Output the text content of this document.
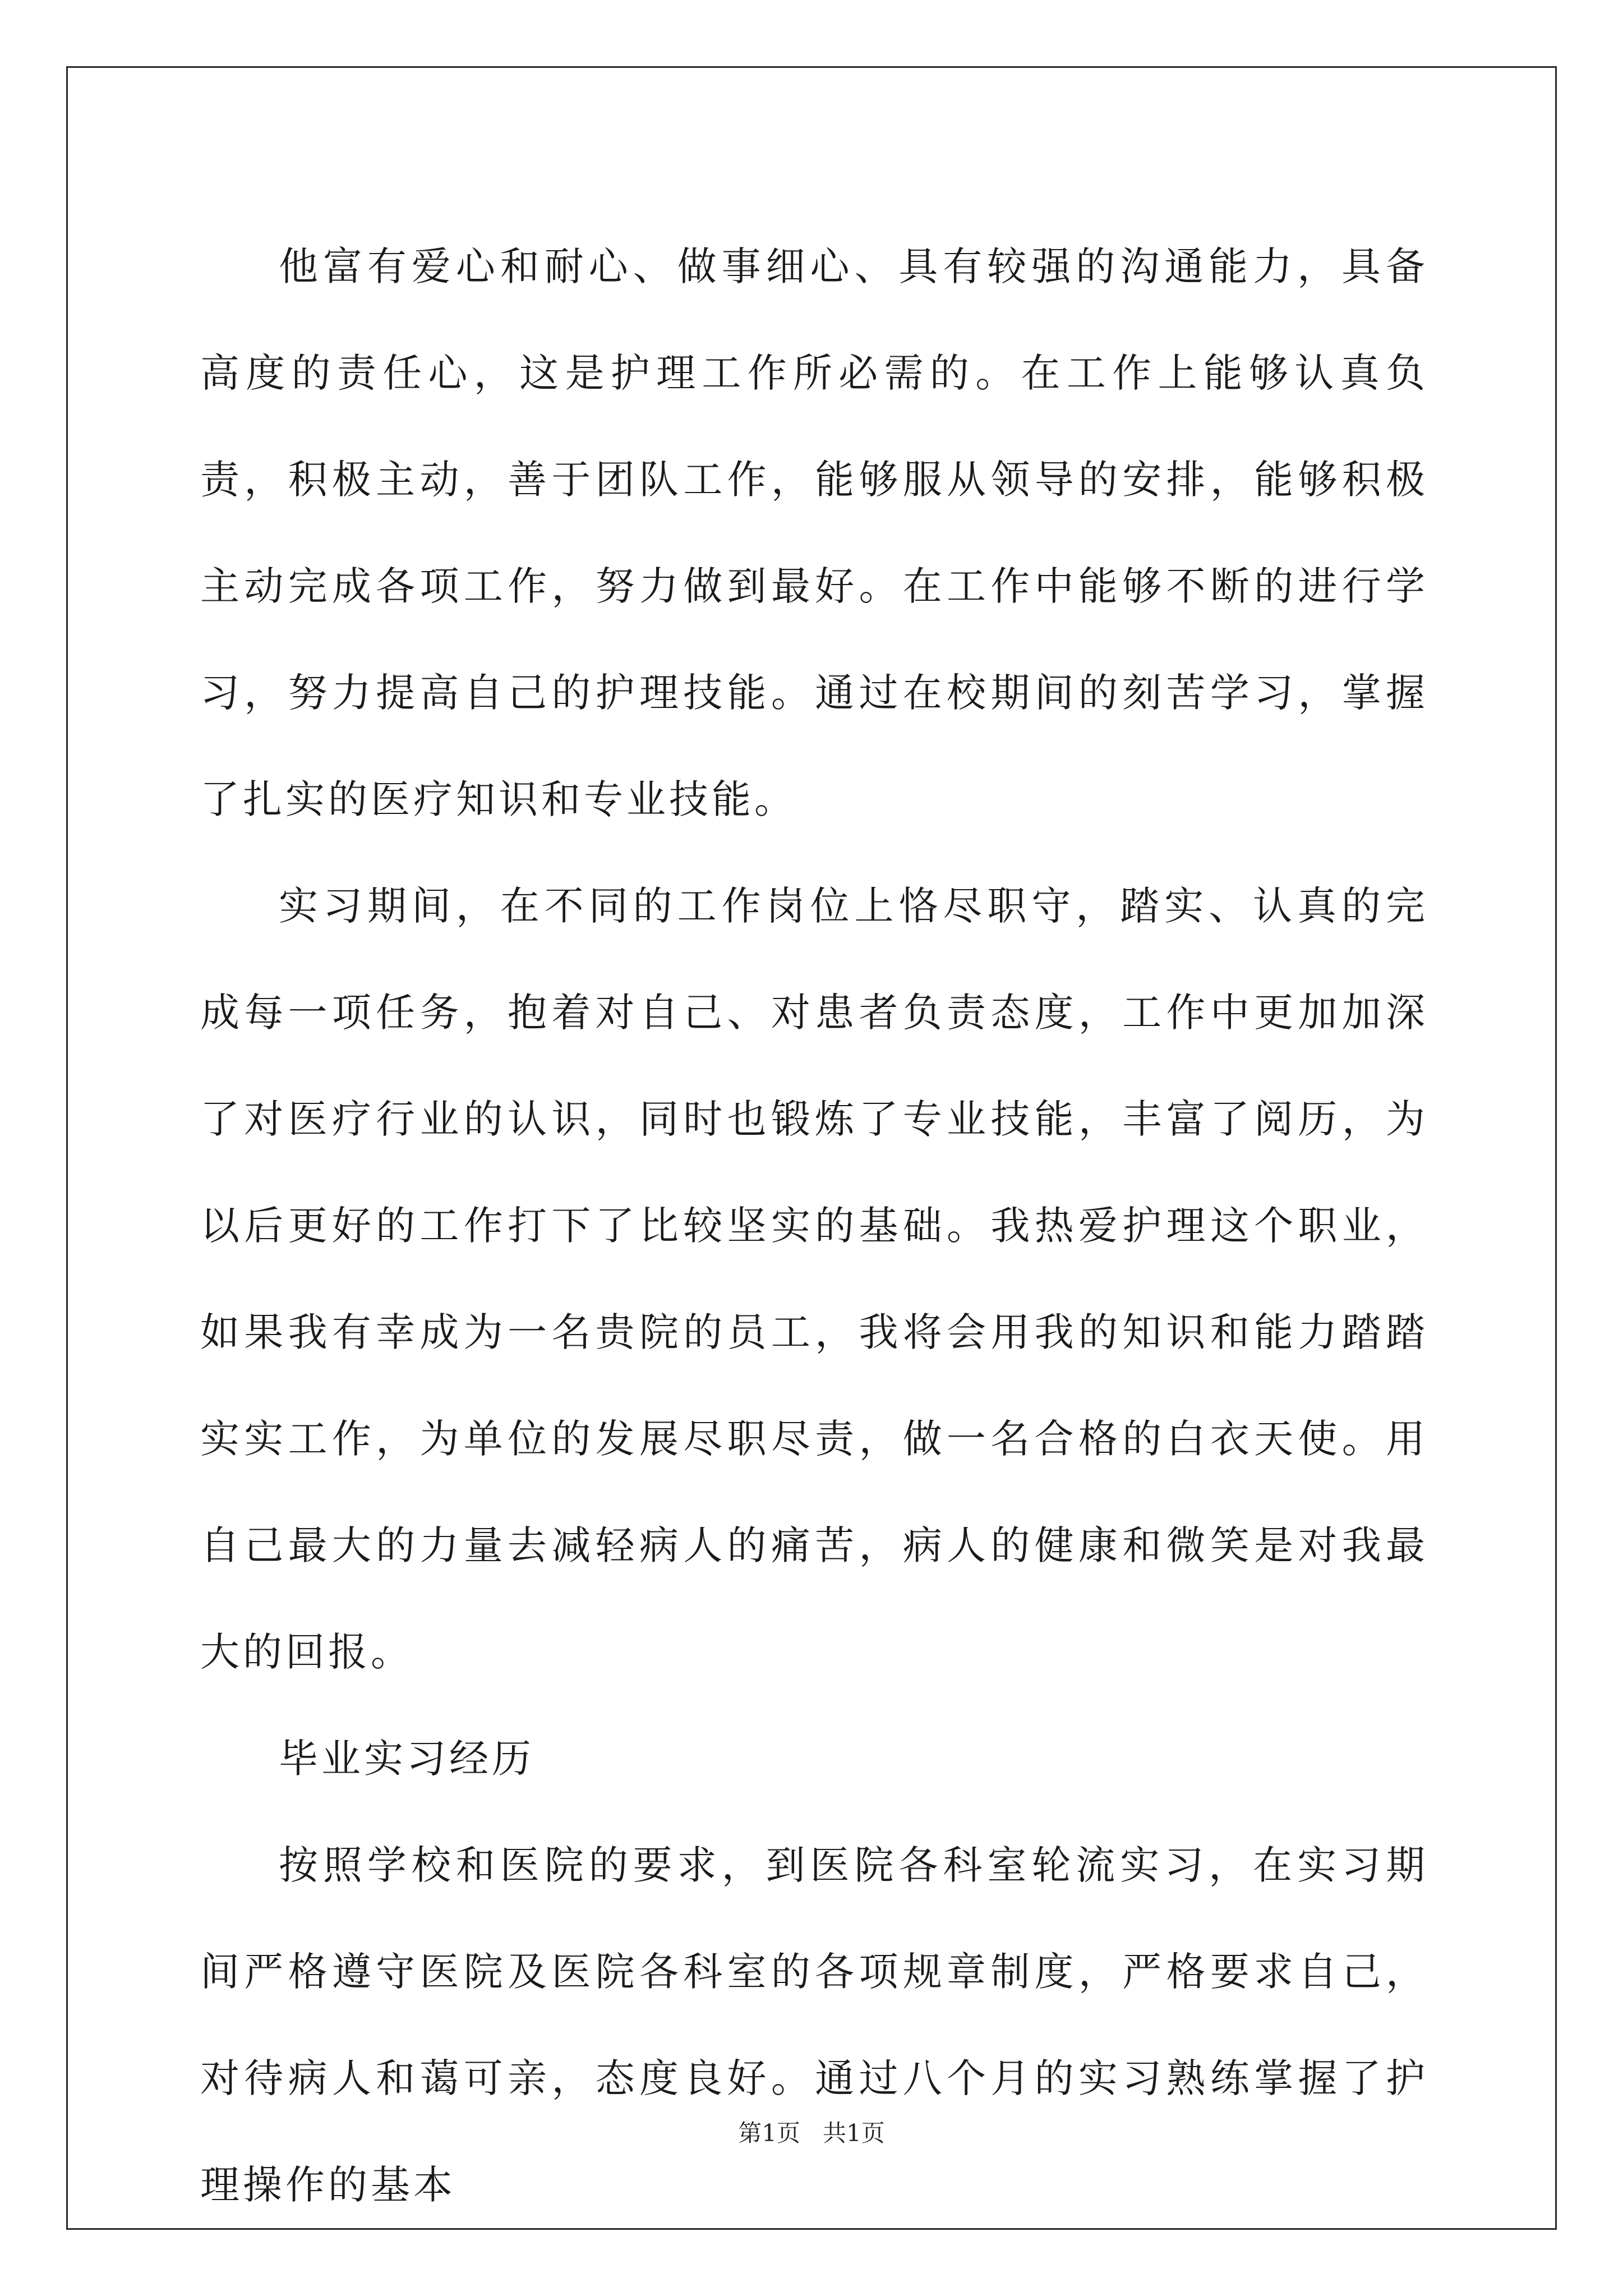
他富有爱心和耐心、做事细心、具有较强的沟通能力，具备高度的责任心，这是护理工作所必需的。在工作上能够认真负责，积极主动，善于团队工作，能够服从领导的安排，能够积极主动完成各项工作，努力做到最好。在工作中能够不断的进行学习，努力提高自己的护理技能。通过在校期间的刻苦学习，掌握了扎实的医疗知识和专业技能。

实习期间，在不同的工作岗位上恪尽职守，踏实、认真的完成每一项任务，抱着对自己、对患者负责态度，工作中更加加深了对医疗行业的认识，同时也锻炼了专业技能，丰富了阅历，为以后更好的工作打下了比较坚实的基础。我热爱护理这个职业，如果我有幸成为一名贵院的员工，我将会用我的知识和能力踏踏实实工作，为单位的发展尽职尽责，做一名合格的白衣天使。用自己最大的力量去减轻病人的痛苦，病人的健康和微笑是对我最大的回报。

毕业实习经历

按照学校和医院的要求，到医院各科室轮流实习，在实习期间严格遵守医院及医院各科室的各项规章制度，严格要求自己，对待病人和蔼可亲，态度良好。通过八个月的实习熟练掌握了护理操作的基本

第1页 共1页
